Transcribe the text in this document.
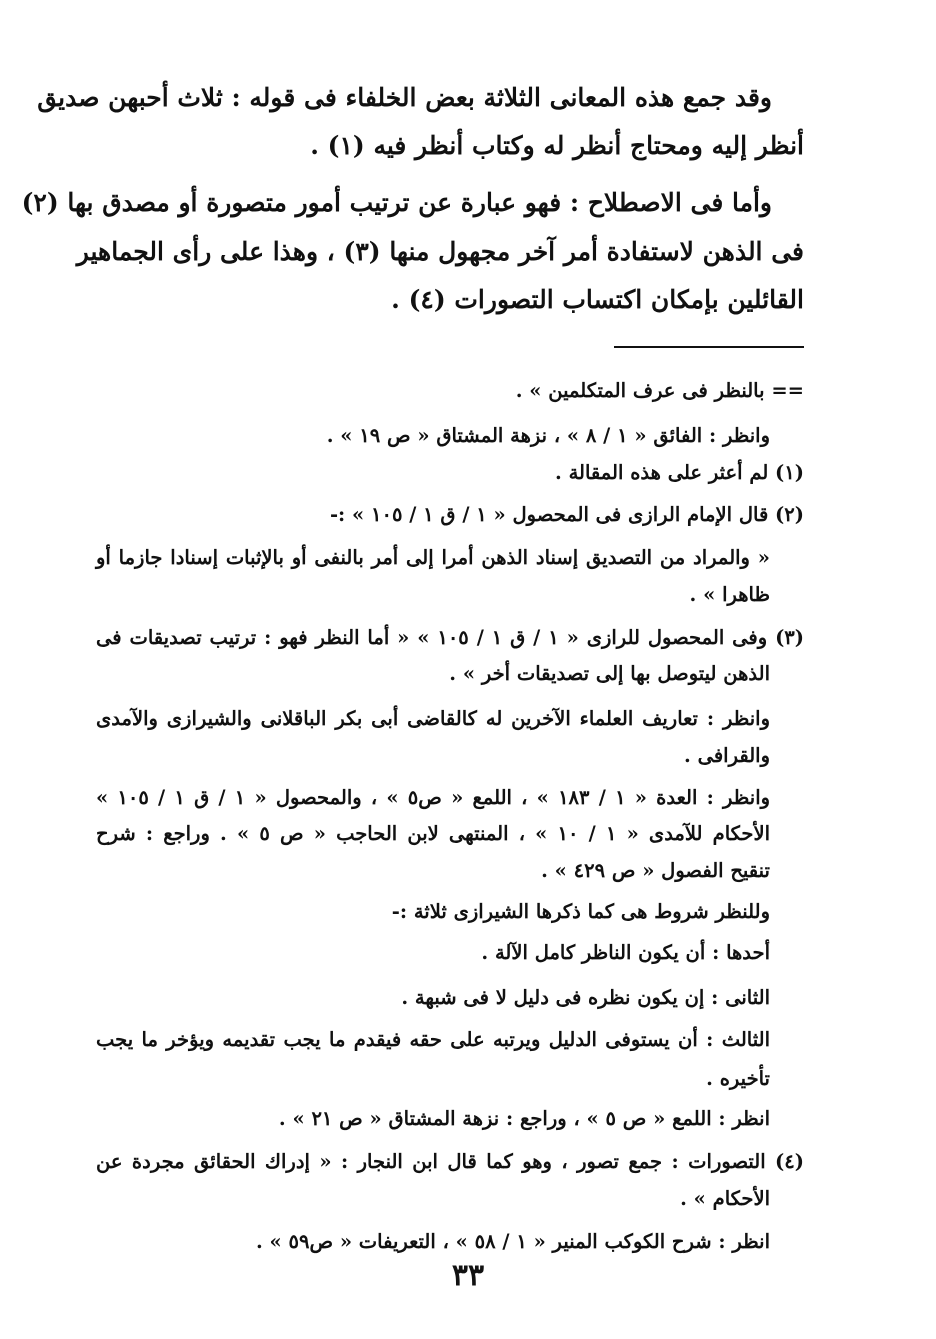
وقد جمع هذه المعانى الثلاثة بعض الخلفاء فى قوله : ثلاث أحبهن صديق
أنظر إليه ومحتاج أنظر له وكتاب أنظر فيه (١) .
وأما فى الاصطلاح : فهو عبارة عن ترتيب أمور متصورة أو مصدق بها (٢)
فى الذهن لاستفادة أمر آخر مجهول منها (٣) ، وهذا على رأى الجماهير
القائلين بإمكان اكتساب التصورات (٤) .
== بالنظر فى عرف المتكلمين » .
وانظر : الفائق « ١ / ٨ » ، نزهة المشتاق « ص ١٩ » .
(١) لم أعثر على هذه المقالة .
(٢) قال الإمام الرازى فى المحصول « ١ / ق ١ / ١٠٥ » :-
« والمراد من التصديق إسناد الذهن أمرا إلى أمر بالنفى أو بالإثبات إسنادا جازما أو
ظاهرا » .
(٣) وفى المحصول للرازى « ١ / ق ١ / ١٠٥ » « أما النظر فهو : ترتيب تصديقات فى
الذهن ليتوصل بها إلى تصديقات أخر » .
وانظر : تعاريف العلماء الآخرين له كالقاضى أبى بكر الباقلانى والشيرازى والآمدى
والقرافى .
وانظر : العدة « ١ / ١٨٣ » ، اللمع « ص٥ » ، والمحصول « ١ / ق ١ / ١٠٥ »
الأحكام للآمدى « ١ / ١٠ » ، المنتهى لابن الحاجب « ص ٥ » . وراجع : شرح
تنقيح الفصول « ص ٤٢٩ » .
وللنظر شروط هى كما ذكرها الشيرازى ثلاثة :-
أحدها : أن يكون الناظر كامل الآلة .
الثانى : إن يكون نظره فى دليل لا فى شبهة .
الثالث : أن يستوفى الدليل ويرتبه على حقه فيقدم ما يجب تقديمه ويؤخر ما يجب
تأخيره .
انظر : اللمع « ص ٥ » ، وراجع : نزهة المشتاق « ص ٢١ » .
(٤) التصورات : جمع تصور ، وهو كما قال ابن النجار : « إدراك الحقائق مجردة عن
الأحكام » .
انظر : شرح الكوكب المنير « ١ / ٥٨ » ، التعريفات « ص٥٩ » .
٣٣
